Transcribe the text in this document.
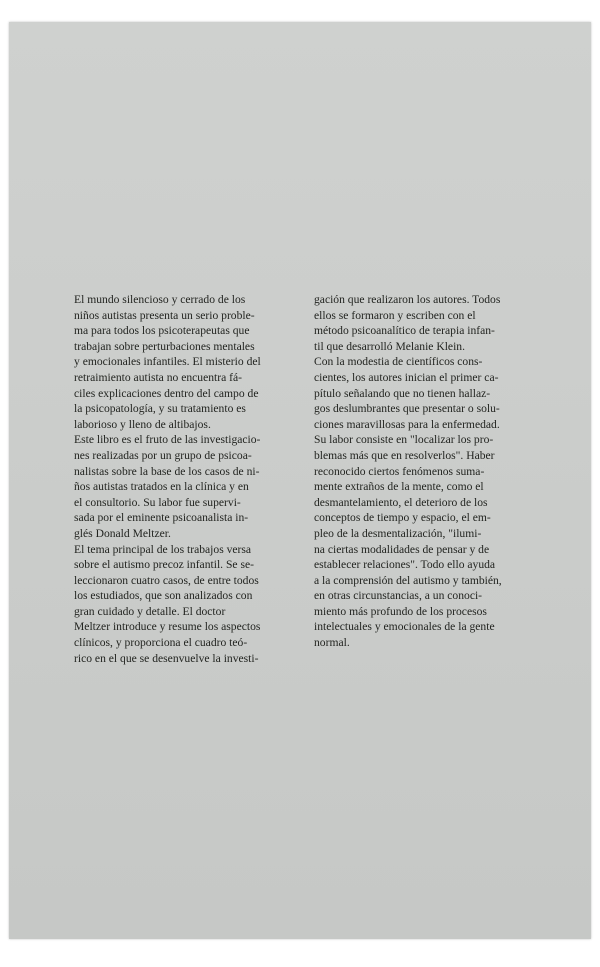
El mundo silencioso y cerrado de los
niños autistas presenta un serio proble-
ma para todos los psicoterapeutas que
trabajan sobre perturbaciones mentales
y emocionales infantiles. El misterio del
retraimiento autista no encuentra fá-
ciles explicaciones dentro del campo de
la psicopatología, y su tratamiento es
laborioso y lleno de altibajos.
Este libro es el fruto de las investigacio-
nes realizadas por un grupo de psicoa-
nalistas sobre la base de los casos de ni-
ños autistas tratados en la clínica y en
el consultorio. Su labor fue supervi-
sada por el eminente psicoanalista in-
glés Donald Meltzer.
El tema principal de los trabajos versa
sobre el autismo precoz infantil. Se se-
leccionaron cuatro casos, de entre todos
los estudiados, que son analizados con
gran cuidado y detalle. El doctor
Meltzer introduce y resume los aspectos
clínicos, y proporciona el cuadro teó-
rico en el que se desenvuelve la investi-
gación que realizaron los autores. Todos
ellos se formaron y escriben con el
método psicoanalítico de terapia infan-
til que desarrolló Melanie Klein.
Con la modestia de científicos cons-
cientes, los autores inician el primer ca-
pítulo señalando que no tienen hallaz-
gos deslumbrantes que presentar o solu-
ciones maravillosas para la enfermedad.
Su labor consiste en "localizar los pro-
blemas más que en resolverlos". Haber
reconocido ciertos fenómenos suma-
mente extraños de la mente, como el
desmantelamiento, el deterioro de los
conceptos de tiempo y espacio, el em-
pleo de la desmentalización, "ilumi-
na ciertas modalidades de pensar y de
establecer relaciones". Todo ello ayuda
a la comprensión del autismo y también,
en otras circunstancias, a un conoci-
miento más profundo de los procesos
intelectuales y emocionales de la gente
normal.
